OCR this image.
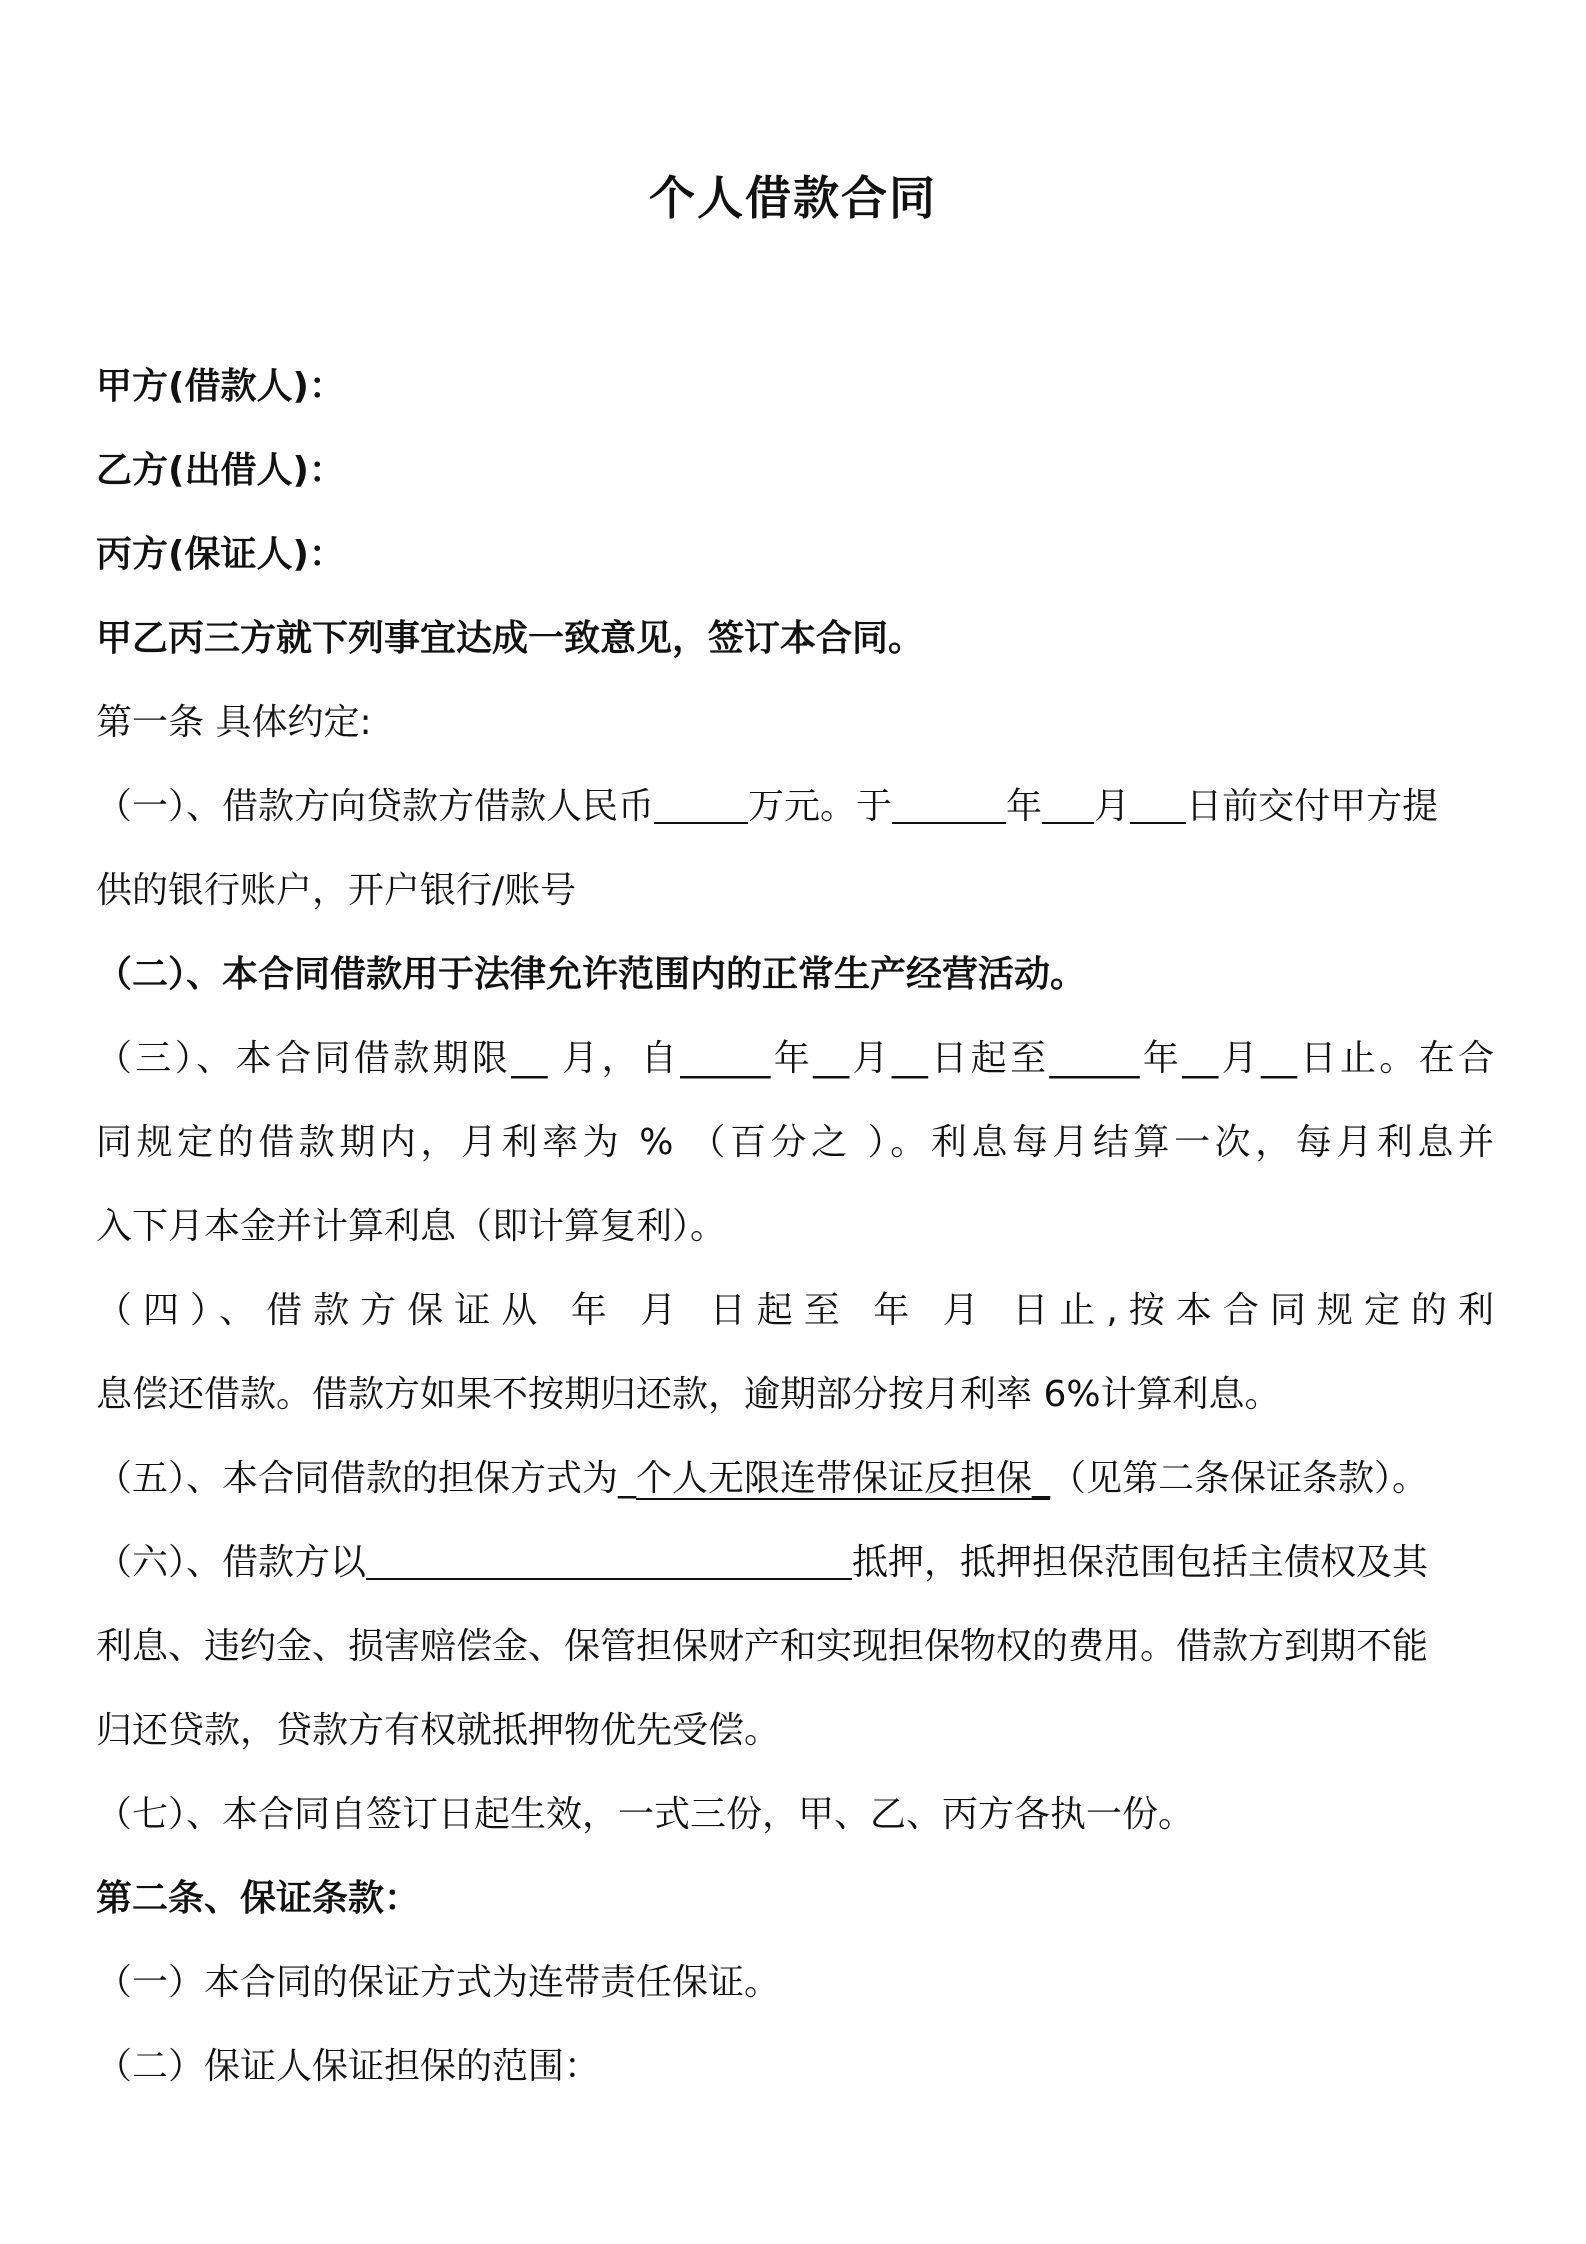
个人借款合同
甲方(借款人)：
乙方(出借人)：
丙方(保证人)：
甲乙丙三方就下列事宜达成一致意见，签订本合同。
第一条 具体约定:
（一）、借款方向贷款方借款人民币	万元。于	年 月 日前交付甲方提
供的银行账户，开户银行/账号
（二）、本合同借款用于法律允许范围内的正常生产经营活动。
（三）、本合同借款期限__ 月，自_____年__月__日起至_____年__月__日止。在合
同规定的借款期内，月利率为 % （百分之 ）。利息每月结算一次，每月利息并
入下月本金并计算利息（即计算复利）。
（四）、借款方保证从 年 月 日起至 年 月 日止,按本合同规定的利
息偿还借款。借款方如果不按期归还款，逾期部分按月利率 6%计算利息。
（五）、本合同借款的担保方式为_个人无限连带保证反担保_（见第二条保证条款）。
（六）、借款方以	抵押，抵押担保范围包括主债权及其
利息、违约金、损害赔偿金、保管担保财产和实现担保物权的费用。借款方到期不能
归还贷款，贷款方有权就抵押物优先受偿。
（七）、本合同自签订日起生效，一式三份，甲、乙、丙方各执一份。
第二条、保证条款：
（一）本合同的保证方式为连带责任保证。
（二）保证人保证担保的范围：
